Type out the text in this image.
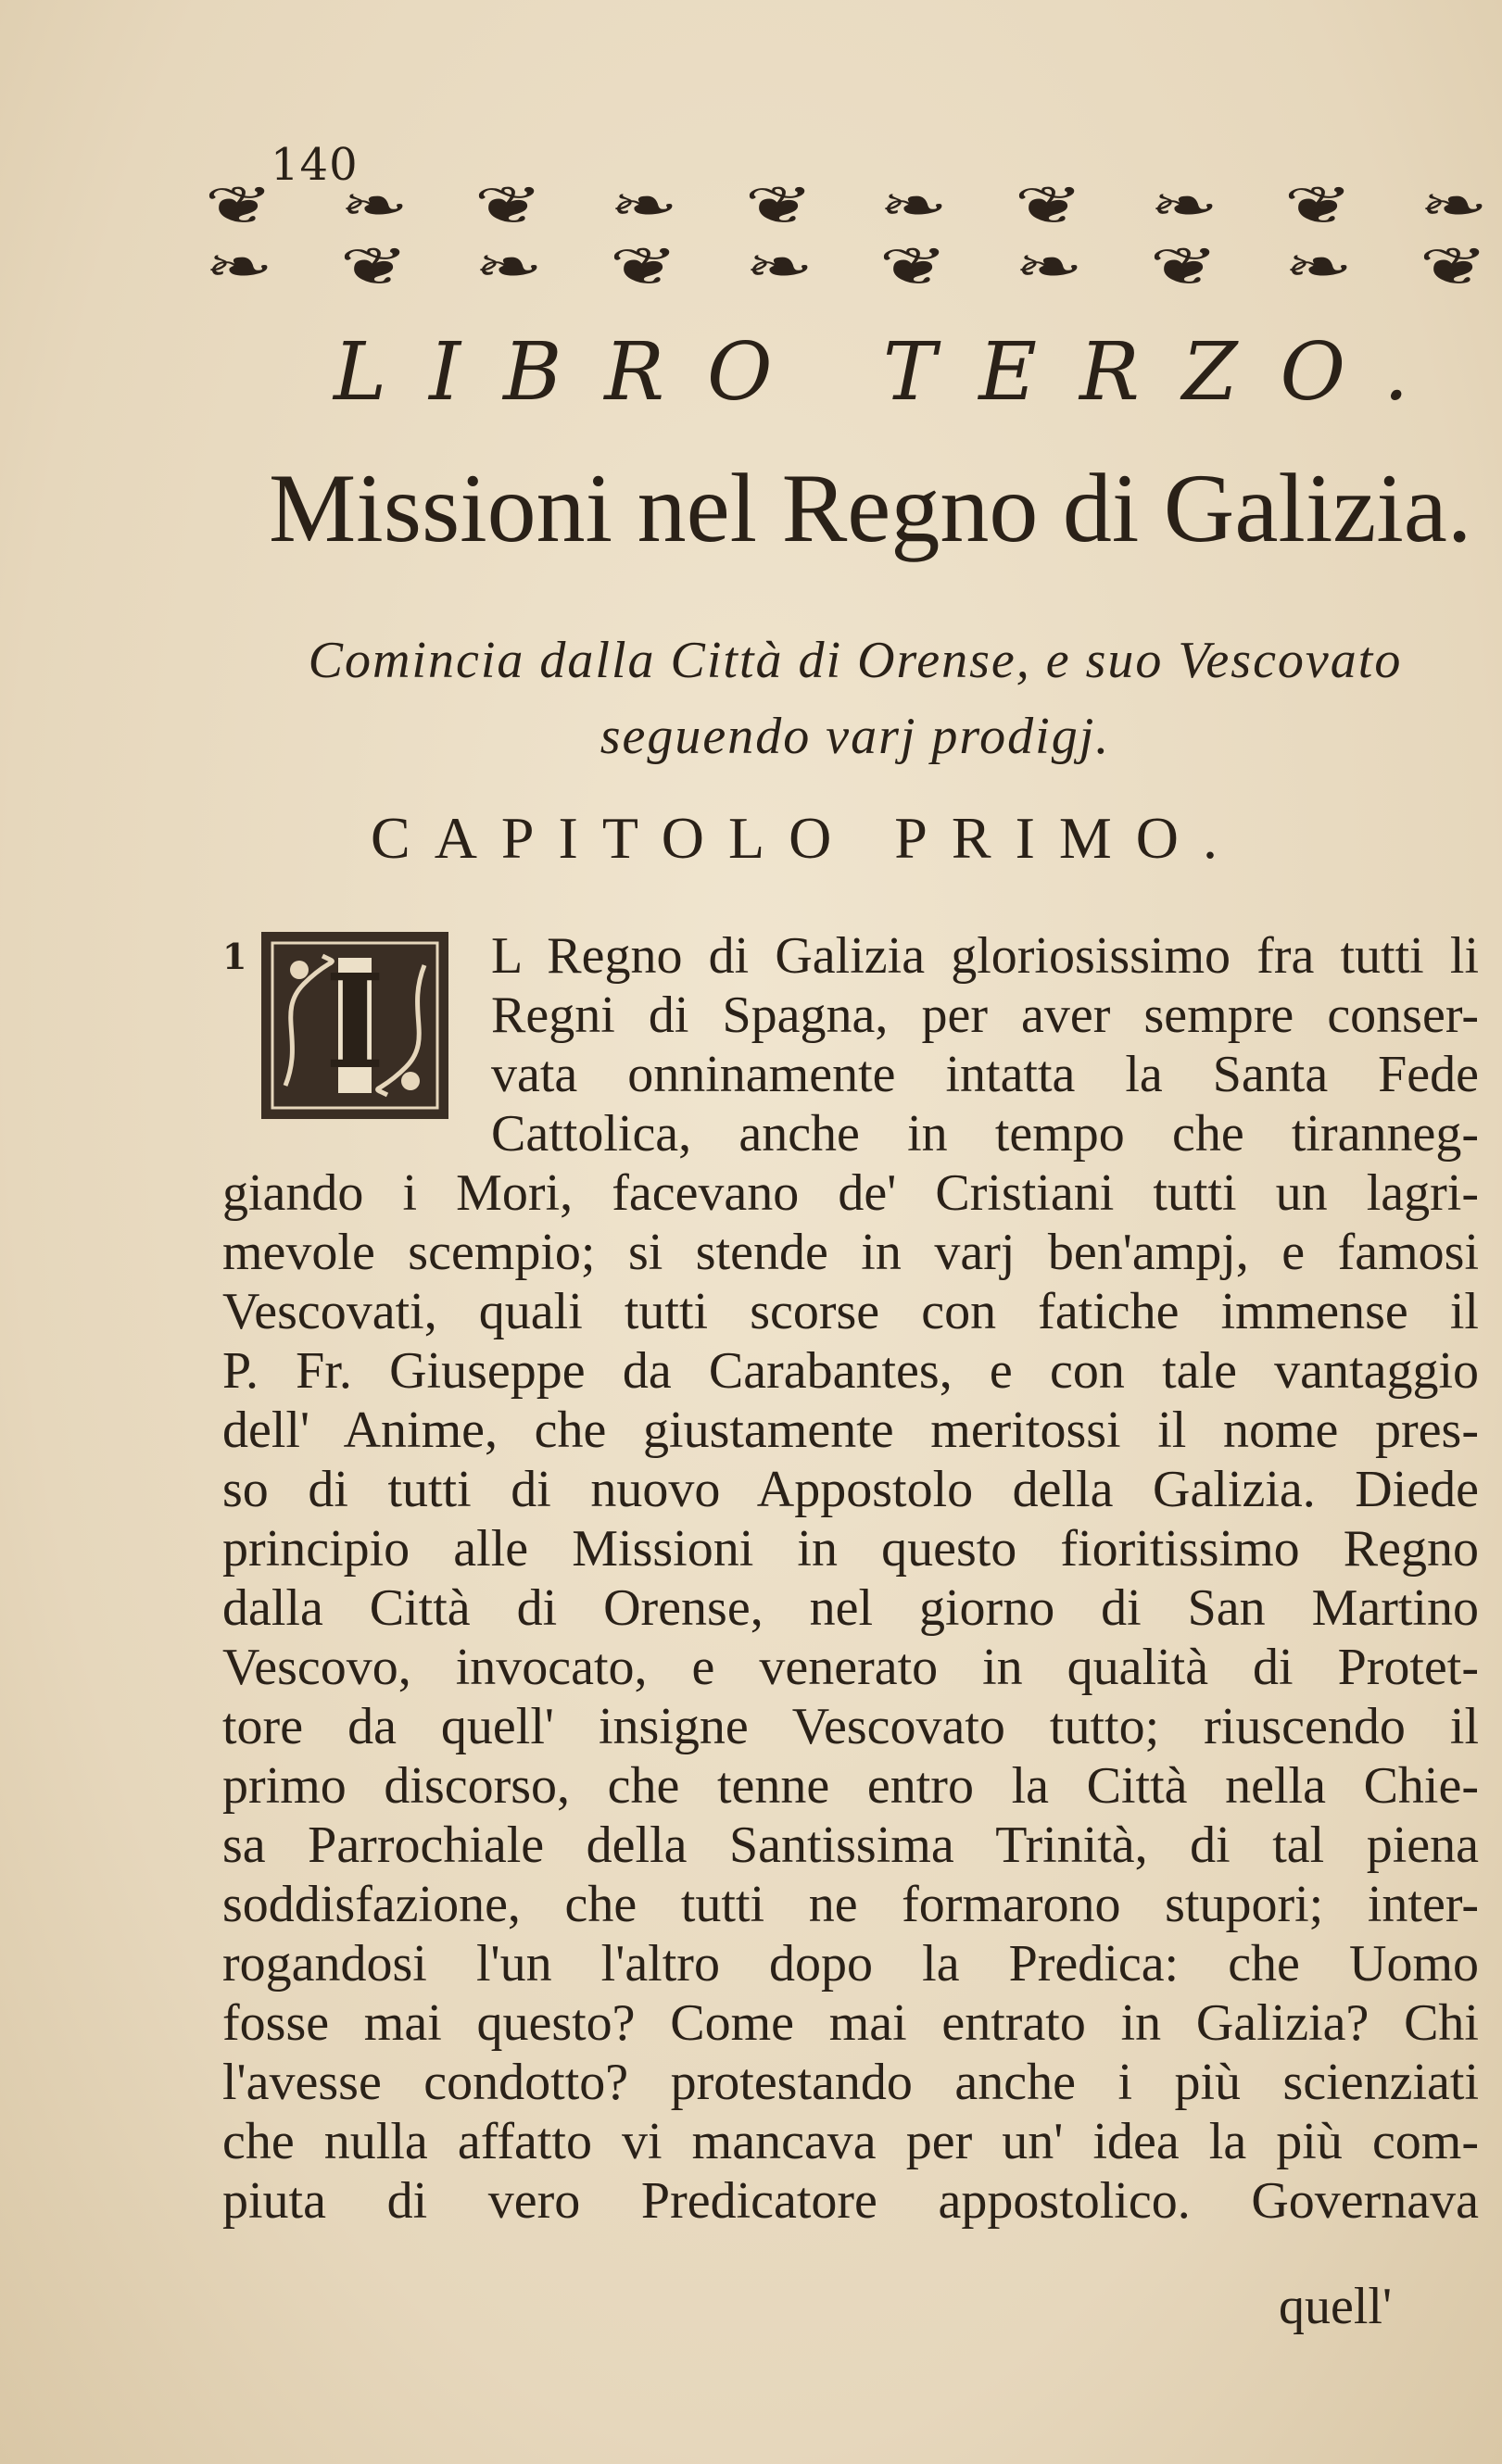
140
❦ ❧ ❦ ❧ ❦ ❧ ❦ ❧ ❦ ❧
❧ ❦ ❧ ❦ ❧ ❦ ❧ ❦ ❧ ❦
LIBRO TERZO.
Missioni nel Regno di Galizia.
Comincia dalla Città di Orense, e suo Vescovato
seguendo varj prodigj.
CAPITOLO PRIMO.
1 I L Regno di Galizia gloriosissimo fra tutti li
Regni di Spagna, per aver sempre conser-
vata onninamente intatta la Santa Fede
Cattolica, anche in tempo che tiranneg-
giando i Mori, facevano de' Cristiani tutti un lagri-
mevole scempio; si stende in varj ben'ampj, e famosi
Vescovati, quali tutti scorse con fatiche immense il
P. Fr. Giuseppe da Carabantes, e con tale vantaggio
dell' Anime, che giustamente meritossi il nome pres-
so di tutti di nuovo Appostolo della Galizia. Diede
principio alle Missioni in questo fioritissimo Regno
dalla Città di Orense, nel giorno di San Martino
Vescovo, invocato, e venerato in qualità di Protet-
tore da quell' insigne Vescovato tutto; riuscendo il
primo discorso, che tenne entro la Città nella Chie-
sa Parrochiale della Santissima Trinità, di tal piena
soddisfazione, che tutti ne formarono stupori; inter-
rogandosi l'un l'altro dopo la Predica: che Uomo
fosse mai questo? Come mai entrato in Galizia? Chi
l'avesse condotto? protestando anche i più scienziati
che nulla affatto vi mancava per un' idea la più com-
piuta di vero Predicatore appostolico. Governava
quell'
